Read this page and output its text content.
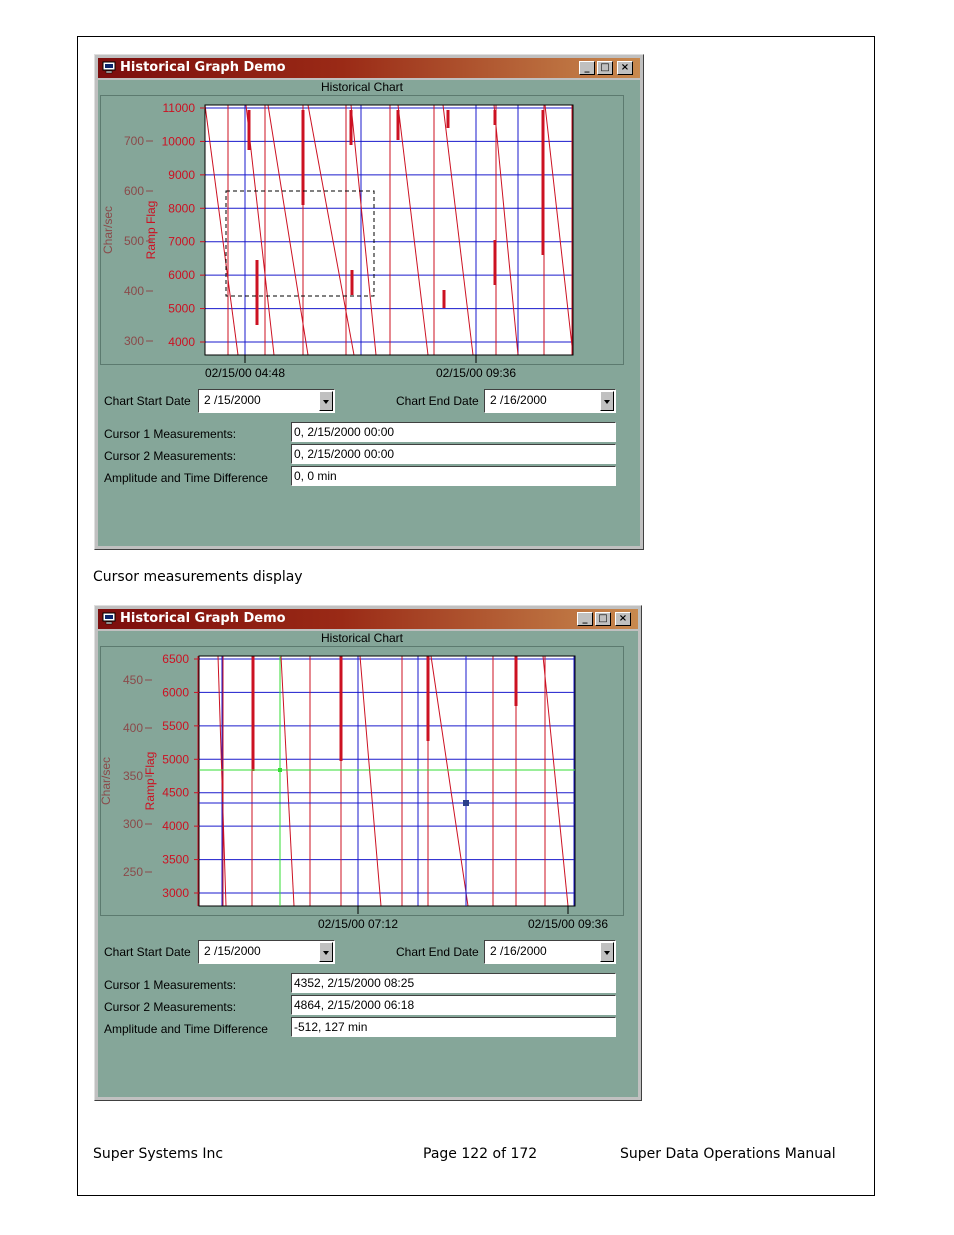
Historical Graph Demo	_	□	×
Historical Chart
11000
10000
9000
8000
7000
6000
5000
4000
700
600
500
400
300
Ramp Flag
Char/sec
02/15/00 04:48	02/15/00 09:36
Chart Start Date 2 /15/2000	Chart End Date 2 /16/2000
Cursor 1 Measurements:	0, 2/15/2000 00:00
Cursor 2 Measurements:	0, 2/15/2000 00:00
Amplitude and Time Difference 0, 0 min
Cursor measurements display
Historical Graph Demo	_	□	×
Historical Chart
6500
6000
5500
5000
4500
4000
3500
3000
450
400
350
300
250
Ramp Flag
Char/sec
02/15/00 07:12	02/15/00 09:36
Chart Start Date 2 /15/2000	Chart End Date 2 /16/2000
Cursor 1 Measurements:	4352, 2/15/2000 08:25
Cursor 2 Measurements:	4864, 2/15/2000 06:18
Amplitude and Time Difference -512, 127 min
Super Systems Inc	Page 122 of 172	Super Data Operations Manual
